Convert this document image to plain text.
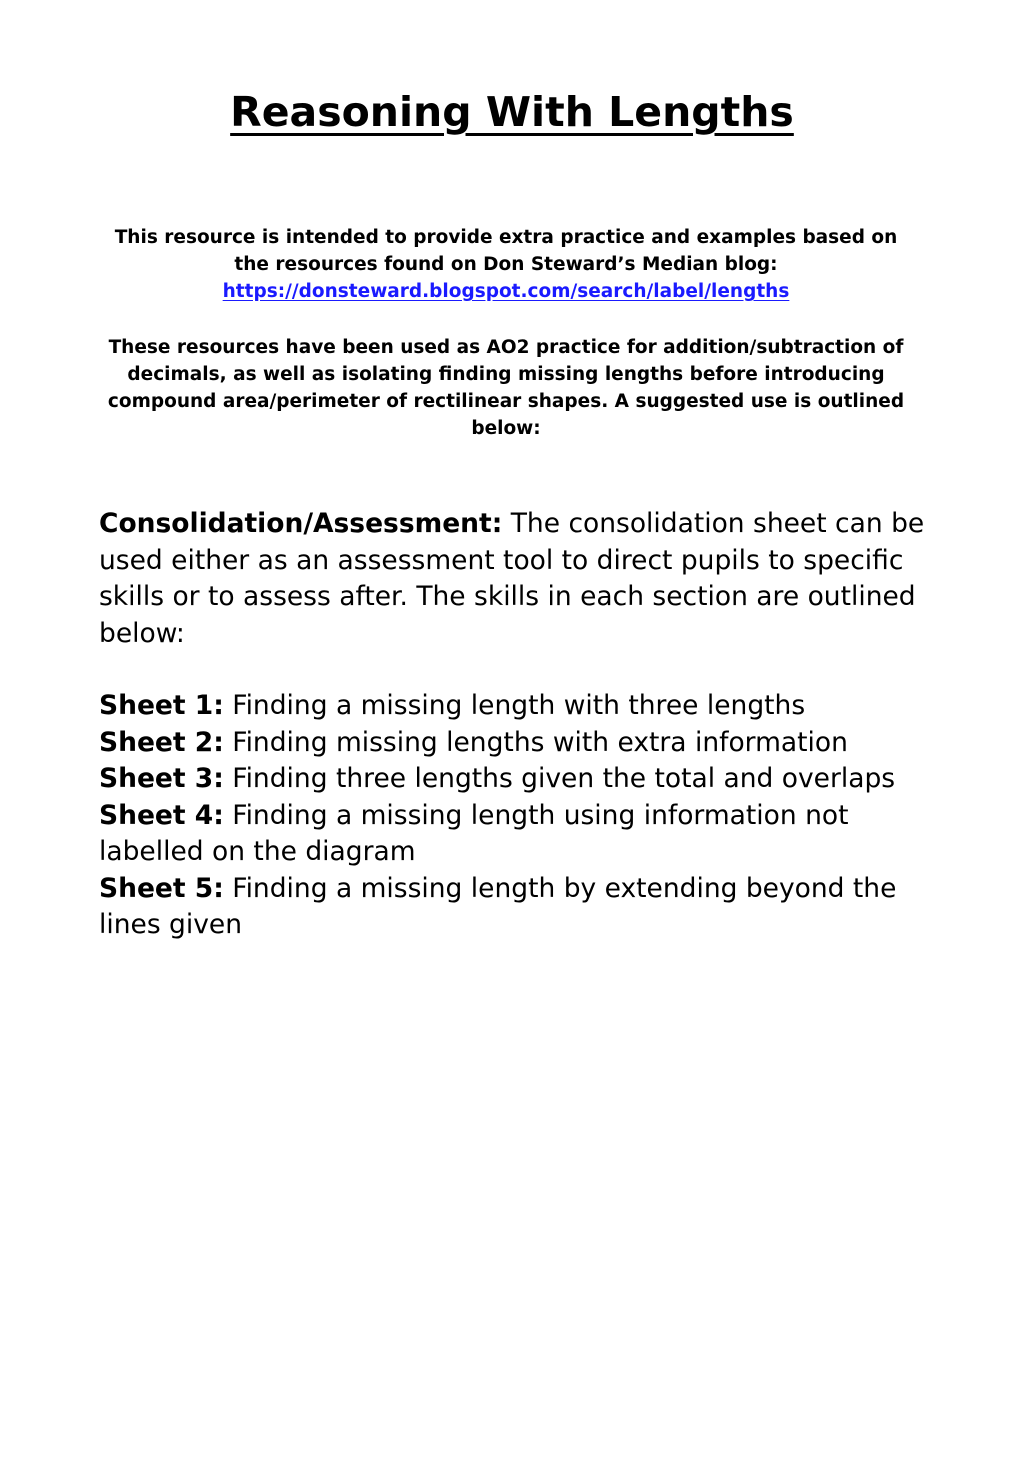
Reasoning With Lengths

This resource is intended to provide extra practice and examples based on the resources found on Don Steward’s Median blog:
https://donsteward.blogspot.com/search/label/lengths

These resources have been used as AO2 practice for addition/subtraction of decimals, as well as isolating finding missing lengths before introducing compound area/perimeter of rectilinear shapes. A suggested use is outlined below:

Consolidation/Assessment: The consolidation sheet can be used either as an assessment tool to direct pupils to specific skills or to assess after. The skills in each section are outlined below:

Sheet 1: Finding a missing length with three lengths
Sheet 2: Finding missing lengths with extra information
Sheet 3: Finding three lengths given the total and overlaps
Sheet 4: Finding a missing length using information not labelled on the diagram
Sheet 5: Finding a missing length by extending beyond the lines given
